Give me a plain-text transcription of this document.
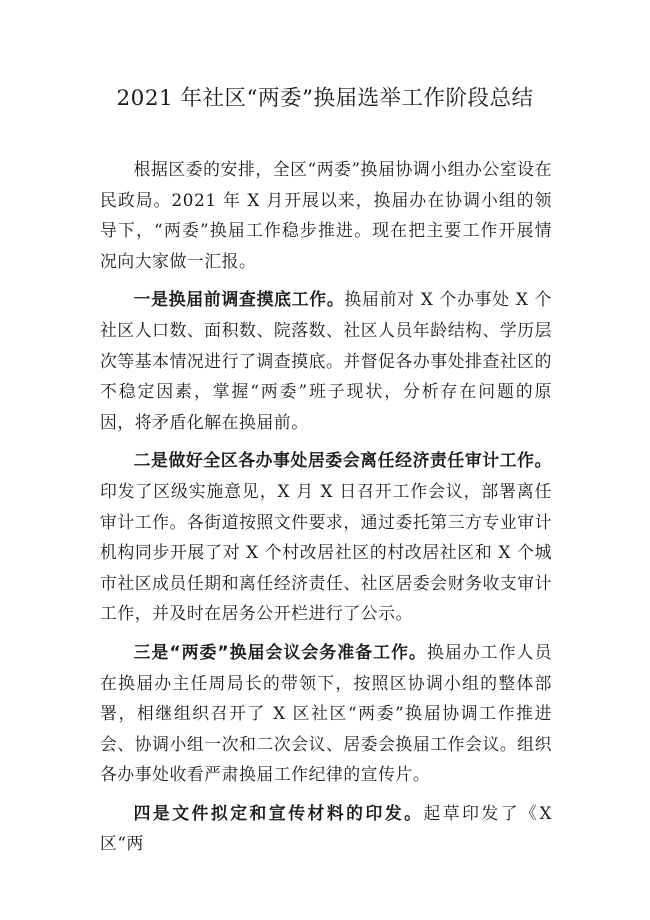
2021 年社区“两委”换届选举工作阶段总结

根据区委的安排，全区“两委”换届协调小组办公室设在民政局。2021 年 X 月开展以来，换届办在协调小组的领导下，“两委”换届工作稳步推进。现在把主要工作开展情况向大家做一汇报。

一是换届前调查摸底工作。换届前对 X 个办事处 X 个社区人口数、面积数、院落数、社区人员年龄结构、学历层次等基本情况进行了调查摸底。并督促各办事处排查社区的不稳定因素，掌握“两委”班子现状，分析存在问题的原因，将矛盾化解在换届前。

二是做好全区各办事处居委会离任经济责任审计工作。印发了区级实施意见，X 月 X 日召开工作会议，部署离任审计工作。各街道按照文件要求，通过委托第三方专业审计机构同步开展了对 X 个村改居社区的村改居社区和 X 个城市社区成员任期和离任经济责任、社区居委会财务收支审计工作，并及时在居务公开栏进行了公示。

三是“两委”换届会议会务准备工作。换届办工作人员在换届办主任周局长的带领下，按照区协调小组的整体部署，相继组织召开了 X 区社区“两委”换届协调工作推进会、协调小组一次和二次会议、居委会换届工作会议。组织各办事处收看严肃换届工作纪律的宣传片。

四是文件拟定和宣传材料的印发。起草印发了《X 区“两
